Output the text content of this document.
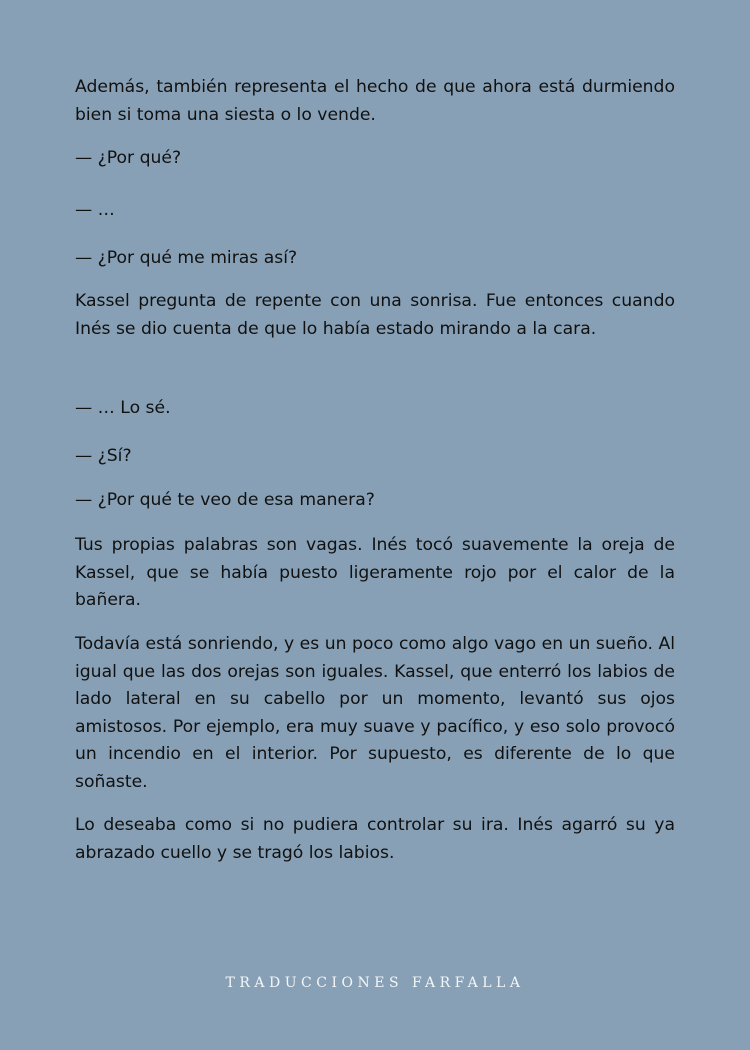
Además, también representa el hecho de que ahora está durmiendo bien si toma una siesta o lo vende.

— ¿Por qué?

— …

— ¿Por qué me miras así?

Kassel pregunta de repente con una sonrisa. Fue entonces cuando Inés se dio cuenta de que lo había estado mirando a la cara.

— … Lo sé.

— ¿Sí?

— ¿Por qué te veo de esa manera?

Tus propias palabras son vagas. Inés tocó suavemente la oreja de Kassel, que se había puesto ligeramente rojo por el calor de la bañera.

Todavía está sonriendo, y es un poco como algo vago en un sueño. Al igual que las dos orejas son iguales. Kassel, que enterró los labios de lado lateral en su cabello por un momento, levantó sus ojos amistosos. Por ejemplo, era muy suave y pacífico, y eso solo provocó un incendio en el interior. Por supuesto, es diferente de lo que soñaste.

Lo deseaba como si no pudiera controlar su ira. Inés agarró su ya abrazado cuello y se tragó los labios.

TRADUCCIONES FARFALLA
